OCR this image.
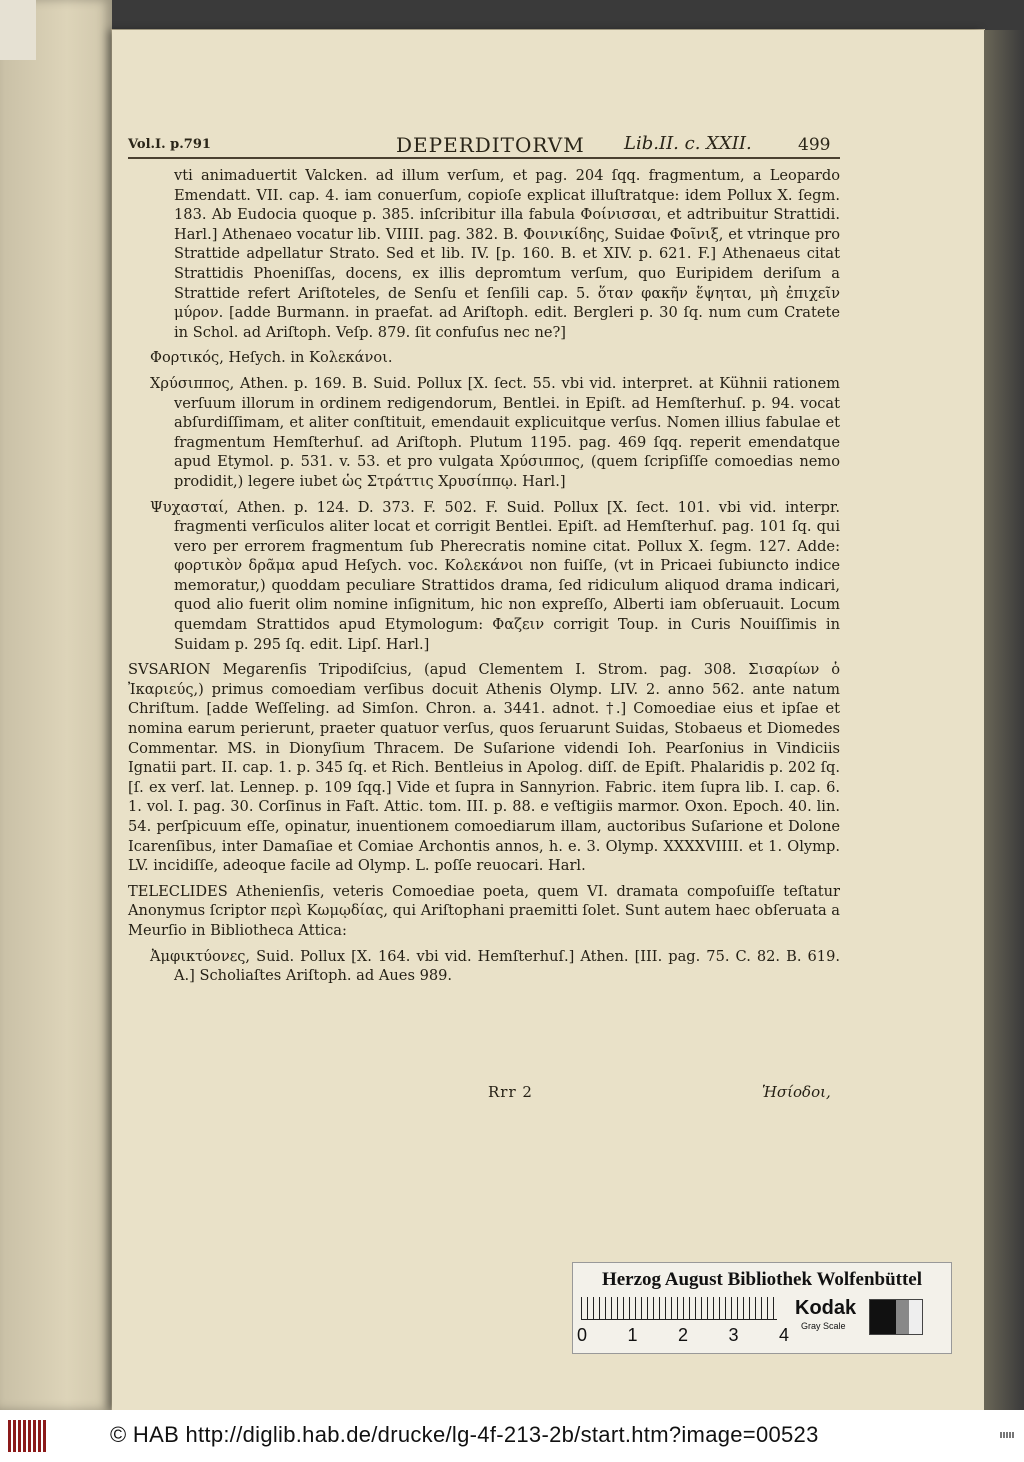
Vol.I. p.791	DEPERDITORVM Lib.II. c. XXII.	499

vti animaduertit Valcken. ad illum verſum, et pag. 204 ſqq. fragmentum, a Leopardo Emendatt. VII. cap. 4. iam conuerſum, copioſe explicat illuſtratque: idem Pollux X. ſegm. 183. Ab Eudocia quoque p. 385. inſcribitur illa fabula Φοίνισσαι, et adtribuitur Strattidi. Harl.] Athenaeo vocatur lib. VIIII. pag. 382. B. Φοινικίδης, Suidae Φοῖνιξ, et vtrinque pro Strattide adpellatur Strato. Sed et lib. IV. [p. 160. B. et XIV. p. 621. F.] Athenaeus citat Strattidis Phoeniſſas, docens, ex illis depromtum verſum, quo Euripidem deriſum a Strattide refert Ariſtoteles, de Senſu et ſenſili cap. 5. ὅταν φακῆν ἕψηται, μὴ ἐπιχεῖν μύρον. [adde Burmann. in praefat. ad Ariſtoph. edit. Bergleri p. 30 ſq. num cum Cratete in Schol. ad Ariſtoph. Veſp. 879. ſit confuſus nec ne?]

Φορτικός, Heſych. in Κολεκάνοι.

Χρύσιππος, Athen. p. 169. B. Suid. Pollux [X. ſect. 55. vbi vid. interpret. at Kühnii rationem verſuum illorum in ordinem redigendorum, Bentlei. in Epiſt. ad Hemſterhuſ. p. 94. vocat abſurdiſſimam, et aliter conſtituit, emendauit explicuitque verſus. Nomen illius fabulae et fragmentum Hemſterhuſ. ad Ariſtoph. Plutum 1195. pag. 469 ſqq. reperit emendatque apud Etymol. p. 531. v. 53. et pro vulgata Χρύσιππος, (quem ſcripſiſſe comoedias nemo prodidit,) legere iubet ὡς Στράττις Χρυσίππῳ. Harl.]

Ψυχασταί, Athen. p. 124. D. 373. F. 502. F. Suid. Pollux [X. ſect. 101. vbi vid. interpr. fragmenti verſiculos aliter locat et corrigit Bentlei. Epiſt. ad Hemſterhuſ. pag. 101 ſq. qui vero per errorem fragmentum ſub Pherecratis nomine citat. Pollux X. ſegm. 127. Adde: φορτικὸν δρᾶμα apud Heſych. voc. Κολεκάνοι non fuiſſe, (vt in Pricaei ſubiuncto indice memoratur,) quoddam peculiare Strattidos drama, ſed ridiculum aliquod drama indicari, quod alio fuerit olim nomine inſignitum, hic non expreſſo, Alberti iam obſeruauit. Locum quemdam Strattidos apud Etymologum: Φαζειν corrigit Toup. in Curis Nouiſſimis in Suidam p. 295 ſq. edit. Lipſ. Harl.]

SVSARION Megarenſis Tripodiſcius, (apud Clementem I. Strom. pag. 308. Σισαρίων ὁ Ἰκαριεύς,) primus comoediam verſibus docuit Athenis Olymp. LIV. 2. anno 562. ante natum Chriſtum. [adde Weſſeling. ad Simſon. Chron. a. 3441. adnot. †.] Comoediae eius et ipſae et nomina earum perierunt, praeter quatuor verſus, quos ſeruarunt Suidas, Stobaeus et Diomedes Commentar. MS. in Dionyſium Thracem. De Suſarione videndi Ioh. Pearſonius in Vindiciis Ignatii part. II. cap. 1. p. 345 ſq. et Rich. Bentleius in Apolog. diſſ. de Epiſt. Phalaridis p. 202 ſq. [ſ. ex verſ. lat. Lennep. p. 109 ſqq.] Vide et ſupra in Sannyrion. Fabric. item ſupra lib. I. cap. 6. 1. vol. I. pag. 30. Corſinus in Faſt. Attic. tom. III. p. 88. e veſtigiis marmor. Oxon. Epoch. 40. lin. 54. perſpicuum eſſe, opinatur, inuentionem comoediarum illam, auctoribus Suſarione et Dolone Icarenſibus, inter Damaſiae et Comiae Archontis annos, h. e. 3. Olymp. XXXXVIIII. et 1. Olymp. LV. incidiſſe, adeoque facile ad Olymp. L. poſſe reuocari. Harl.

TELECLIDES Athenienſis, veteris Comoediae poeta, quem VI. dramata compoſuiſſe teſtatur Anonymus ſcriptor περὶ Κωμῳδίας, qui Ariſtophani praemitti ſolet. Sunt autem haec obſeruata a Meurſio in Bibliotheca Attica:

Ἀμφικτύονες, Suid. Pollux [X. 164. vbi vid. Hemſterhuſ.] Athen. [III. pag. 75. C. 82. B. 619. A.] Scholiaſtes Ariſtoph. ad Aues 989.

Rrr 2	Ἡσίοδοι,
Herzog August Bibliothek Wolfenbüttel
0 1 2 3 4
Kodak
Gray Scale
© HAB http://diglib.hab.de/drucke/lg-4f-213-2b/start.htm?image=00523
